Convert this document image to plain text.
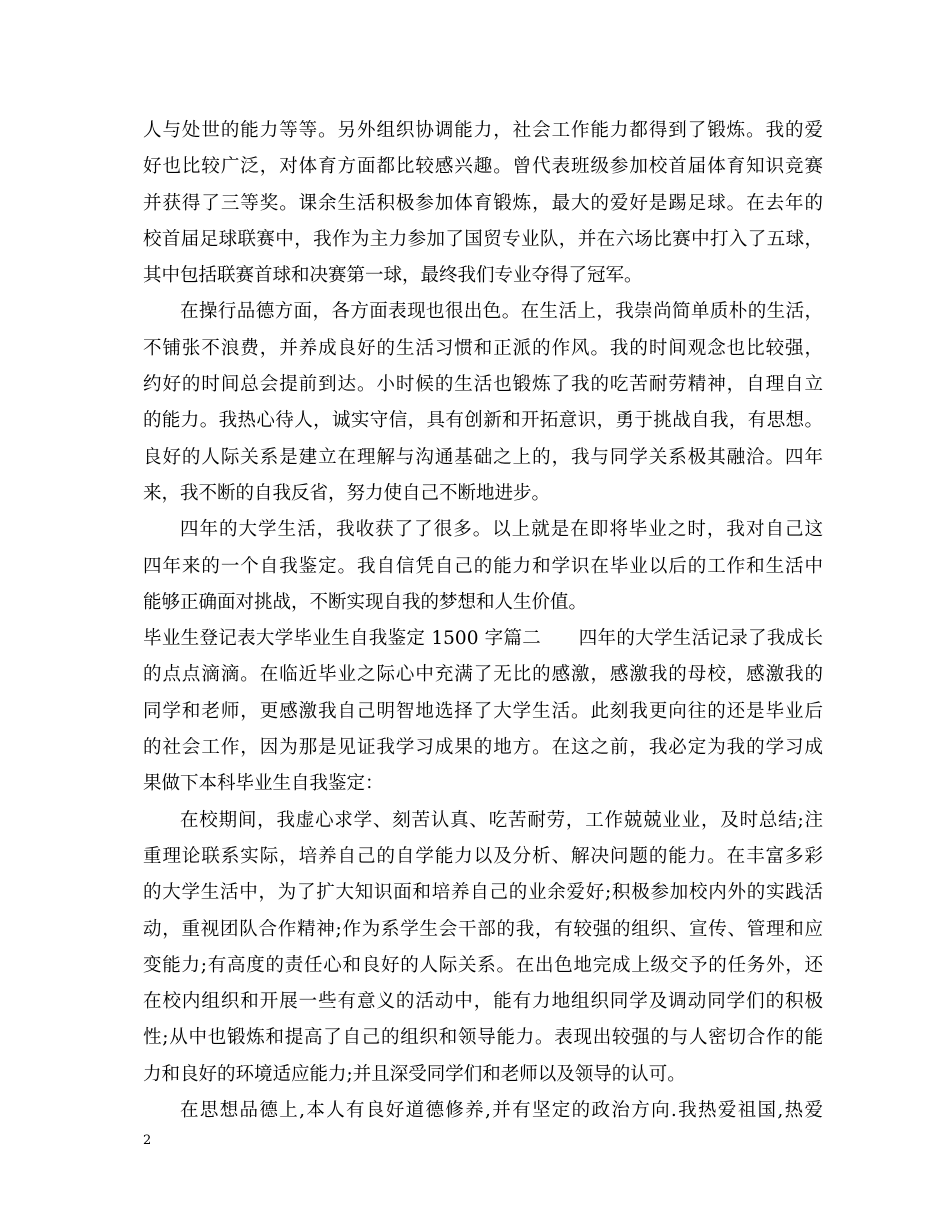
人与处世的能力等等。另外组织协调能力，社会工作能力都得到了锻炼。我的爱
好也比较广泛，对体育方面都比较感兴趣。曾代表班级参加校首届体育知识竞赛
并获得了三等奖。课余生活积极参加体育锻炼，最大的爱好是踢足球。在去年的
校首届足球联赛中，我作为主力参加了国贸专业队，并在六场比赛中打入了五球，
其中包括联赛首球和决赛第一球，最终我们专业夺得了冠军。
在操行品德方面，各方面表现也很出色。在生活上，我崇尚简单质朴的生活，
不铺张不浪费，并养成良好的生活习惯和正派的作风。我的时间观念也比较强，
约好的时间总会提前到达。小时候的生活也锻炼了我的吃苦耐劳精神，自理自立
的能力。我热心待人，诚实守信，具有创新和开拓意识，勇于挑战自我，有思想。
良好的人际关系是建立在理解与沟通基础之上的，我与同学关系极其融洽。四年
来，我不断的自我反省，努力使自己不断地进步。
四年的大学生活，我收获了了很多。以上就是在即将毕业之时，我对自己这
四年来的一个自我鉴定。我自信凭自己的能力和学识在毕业以后的工作和生活中
能够正确面对挑战，不断实现自我的梦想和人生价值。
毕业生登记表大学毕业生自我鉴定 1500 字篇二　　四年的大学生活记录了我成长
的点点滴滴。在临近毕业之际心中充满了无比的感激，感激我的母校，感激我的
同学和老师，更感激我自己明智地选择了大学生活。此刻我更向往的还是毕业后
的社会工作，因为那是见证我学习成果的地方。在这之前，我必定为我的学习成
果做下本科毕业生自我鉴定：
在校期间，我虚心求学、刻苦认真、吃苦耐劳，工作兢兢业业，及时总结;注
重理论联系实际，培养自己的自学能力以及分析、解决问题的能力。在丰富多彩
的大学生活中，为了扩大知识面和培养自己的业余爱好;积极参加校内外的实践活
动，重视团队合作精神;作为系学生会干部的我，有较强的组织、宣传、管理和应
变能力;有高度的责任心和良好的人际关系。在出色地完成上级交予的任务外，还
在校内组织和开展一些有意义的活动中，能有力地组织同学及调动同学们的积极
性;从中也锻炼和提高了自己的组织和领导能力。表现出较强的与人密切合作的能
力和良好的环境适应能力;并且深受同学们和老师以及领导的认可。
在思想品德上,本人有良好道德修养,并有坚定的政治方向.我热爱祖国,热爱
2
